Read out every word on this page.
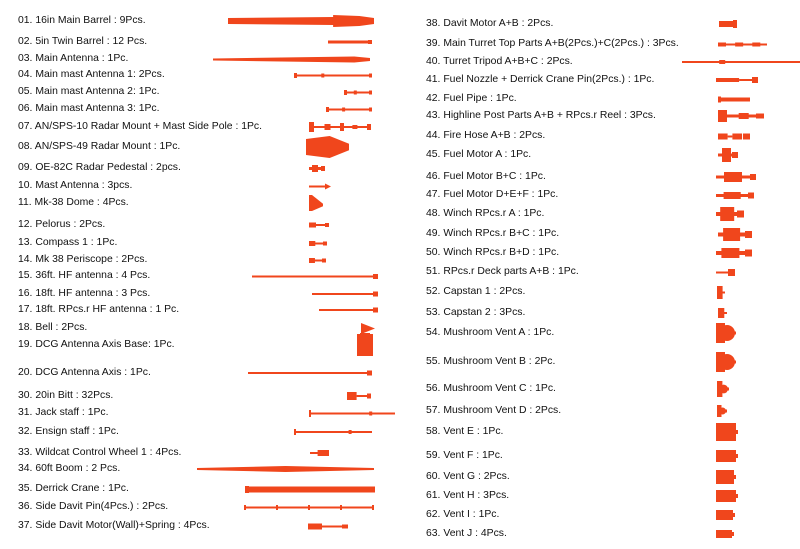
01. 16in Main Barrel : 9Pcs.
02. 5in Twin Barrel : 12 Pcs.
03. Main Antenna : 1Pc.
04. Main mast Antenna 1: 2Pcs.
05. Main mast Antenna 2: 1Pc.
06. Main mast Antenna 3: 1Pc.
07. AN/SPS-10 Radar Mount + Mast Side Pole : 1Pc.
08. AN/SPS-49 Radar Mount : 1Pc.
09. OE-82C Radar Pedestal : 2pcs.
10. Mast Antenna : 3pcs.
11. Mk-38 Dome : 4Pcs.
12. Pelorus : 2Pcs.
13. Compass 1 : 1Pc.
14. Mk 38 Periscope : 2Pcs.
15. 36ft. HF antenna : 4 Pcs.
16. 18ft. HF antenna : 3 Pcs.
17. 18ft. RPcs.r HF antenna : 1 Pc.
18. Bell : 2Pcs.
19. DCG Antenna Axis Base: 1Pc.
20. DCG Antenna Axis : 1Pc.
30. 20in Bitt : 32Pcs.
31. Jack staff : 1Pc.
32. Ensign staff : 1Pc.
33. Wildcat Control Wheel 1 : 4Pcs.
34. 60ft Boom : 2 Pcs.
35. Derrick Crane : 1Pc.
36. Side Davit Pin(4Pcs.) : 2Pcs.
37. Side Davit Motor(Wall)+Spring : 4Pcs.
38. Davit Motor A+B : 2Pcs.
39. Main Turret Top Parts A+B(2Pcs.)+C(2Pcs.) : 3Pcs.
40. Turret Tripod A+B+C : 2Pcs.
41. Fuel Nozzle + Derrick Crane Pin(2Pcs.) : 1Pc.
42. Fuel Pipe : 1Pc.
43. Highline Post Parts A+B + RPcs.r Reel : 3Pcs.
44. Fire Hose A+B : 2Pcs.
45. Fuel Motor A : 1Pc.
46. Fuel Motor B+C : 1Pc.
47. Fuel Motor D+E+F : 1Pc.
48. Winch RPcs.r A : 1Pc.
49. Winch RPcs.r B+C : 1Pc.
50. Winch RPcs.r B+D : 1Pc.
51. RPcs.r Deck parts A+B : 1Pc.
52. Capstan 1 : 2Pcs.
53. Capstan 2 : 3Pcs.
54. Mushroom Vent A : 1Pc.
55. Mushroom Vent B : 2Pc.
56. Mushroom Vent C : 1Pc.
57. Mushroom Vent D : 2Pcs.
58. Vent E : 1Pc.
59. Vent F : 1Pc.
60. Vent G : 2Pcs.
61. Vent H : 3Pcs.
62. Vent I : 1Pc.
63. Vent J : 4Pcs.
